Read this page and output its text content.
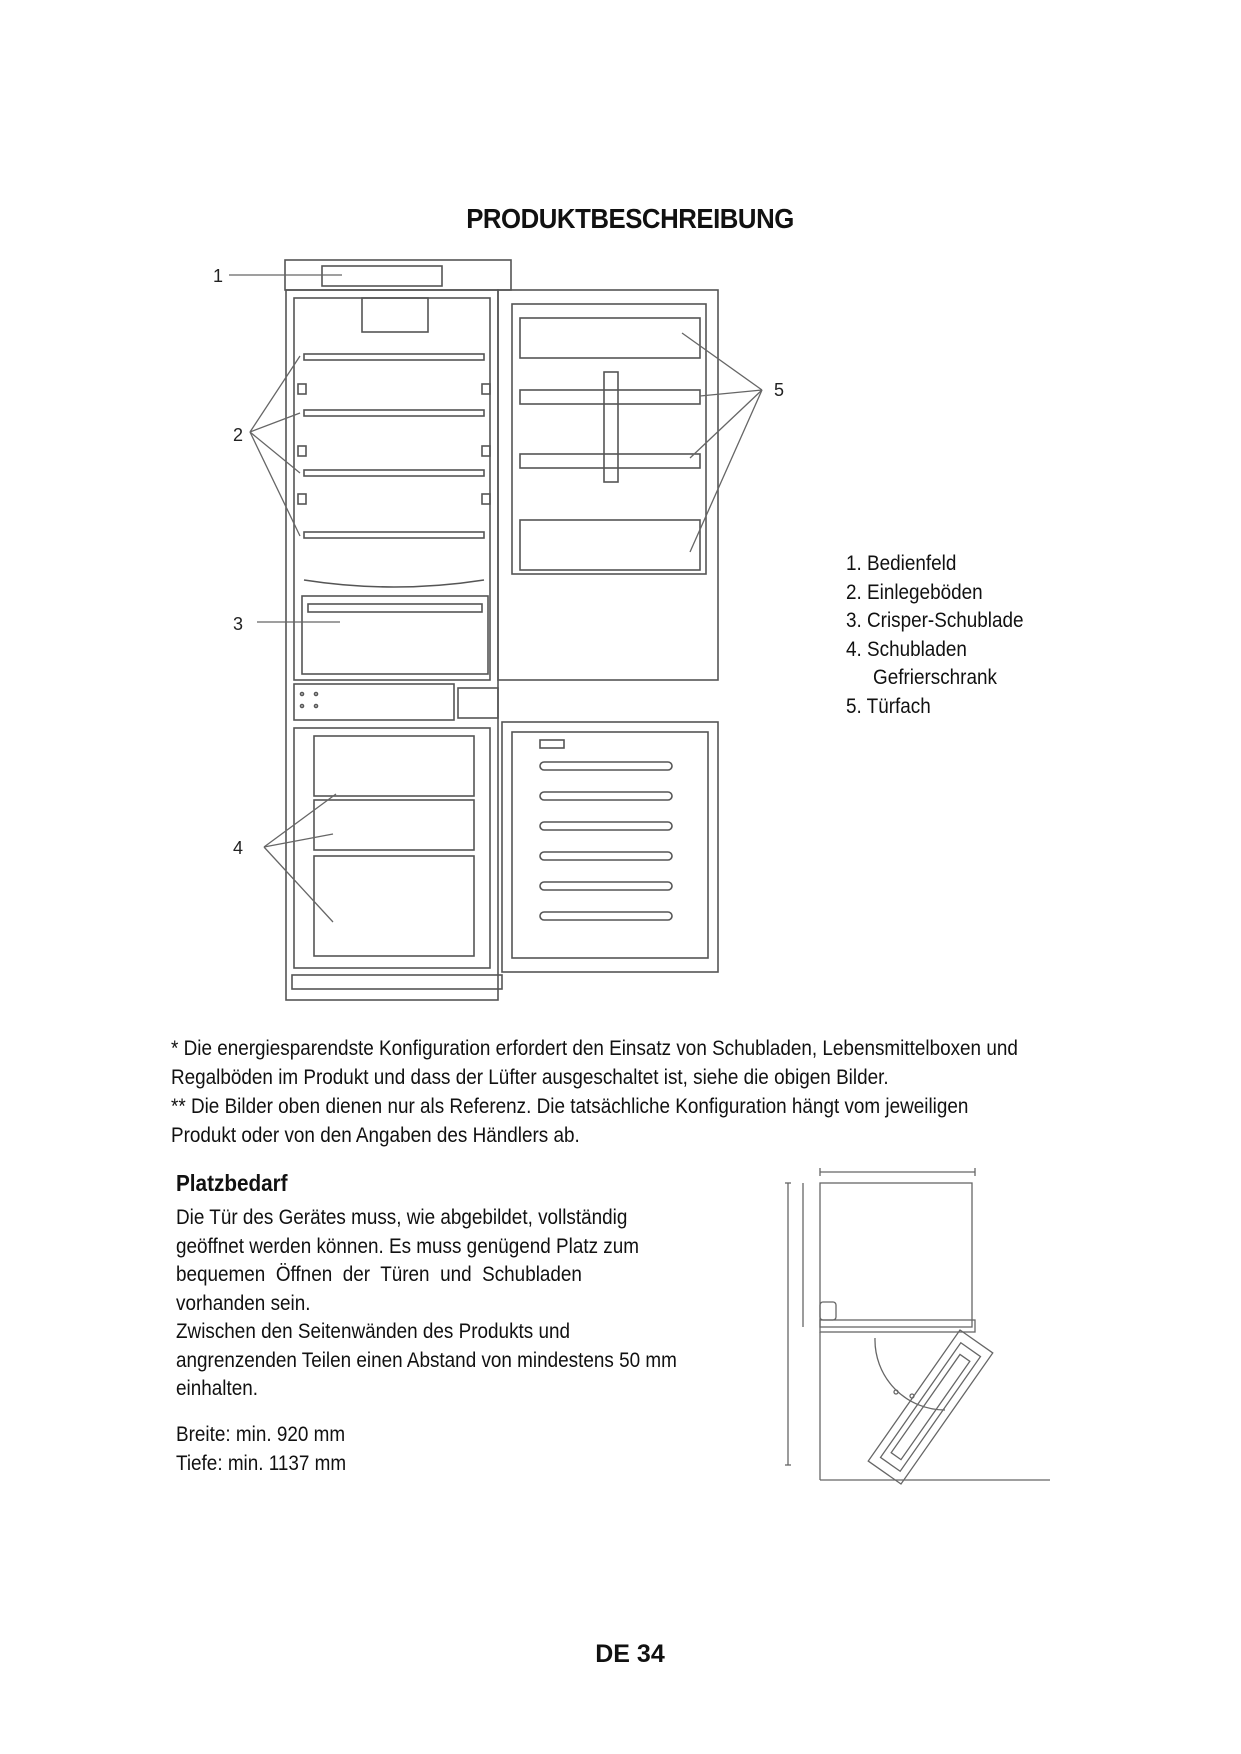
PRODUKTBESCHREIBUNG
1
2
3
4
5
1. Bedienfeld
2. Einlegeböden
3. Crisper-Schublade
4. Schubladen
Gefrierschrank
5. Türfach

* Die energiesparendste Konfiguration erfordert den Einsatz von Schubladen, Lebensmittelboxen und

Regalböden im Produkt und dass der Lüfter ausgeschaltet ist, siehe die obigen Bilder.

** Die Bilder oben dienen nur als Referenz. Die tatsächliche Konfiguration hängt vom jeweiligen

Produkt oder von den Angaben des Händlers ab.

Platzbedarf

Die Tür des Gerätes muss, wie abgebildet, vollständig

geöffnet werden können. Es muss genügend Platz zum

bequemen  Öffnen  der  Türen  und  Schubladen

vorhanden sein.

Zwischen den Seitenwänden des Produkts und

angrenzenden Teilen einen Abstand von mindestens 50 mm

einhalten.

Breite: min. 920 mm

Tiefe: min. 1137 mm

DE 34
